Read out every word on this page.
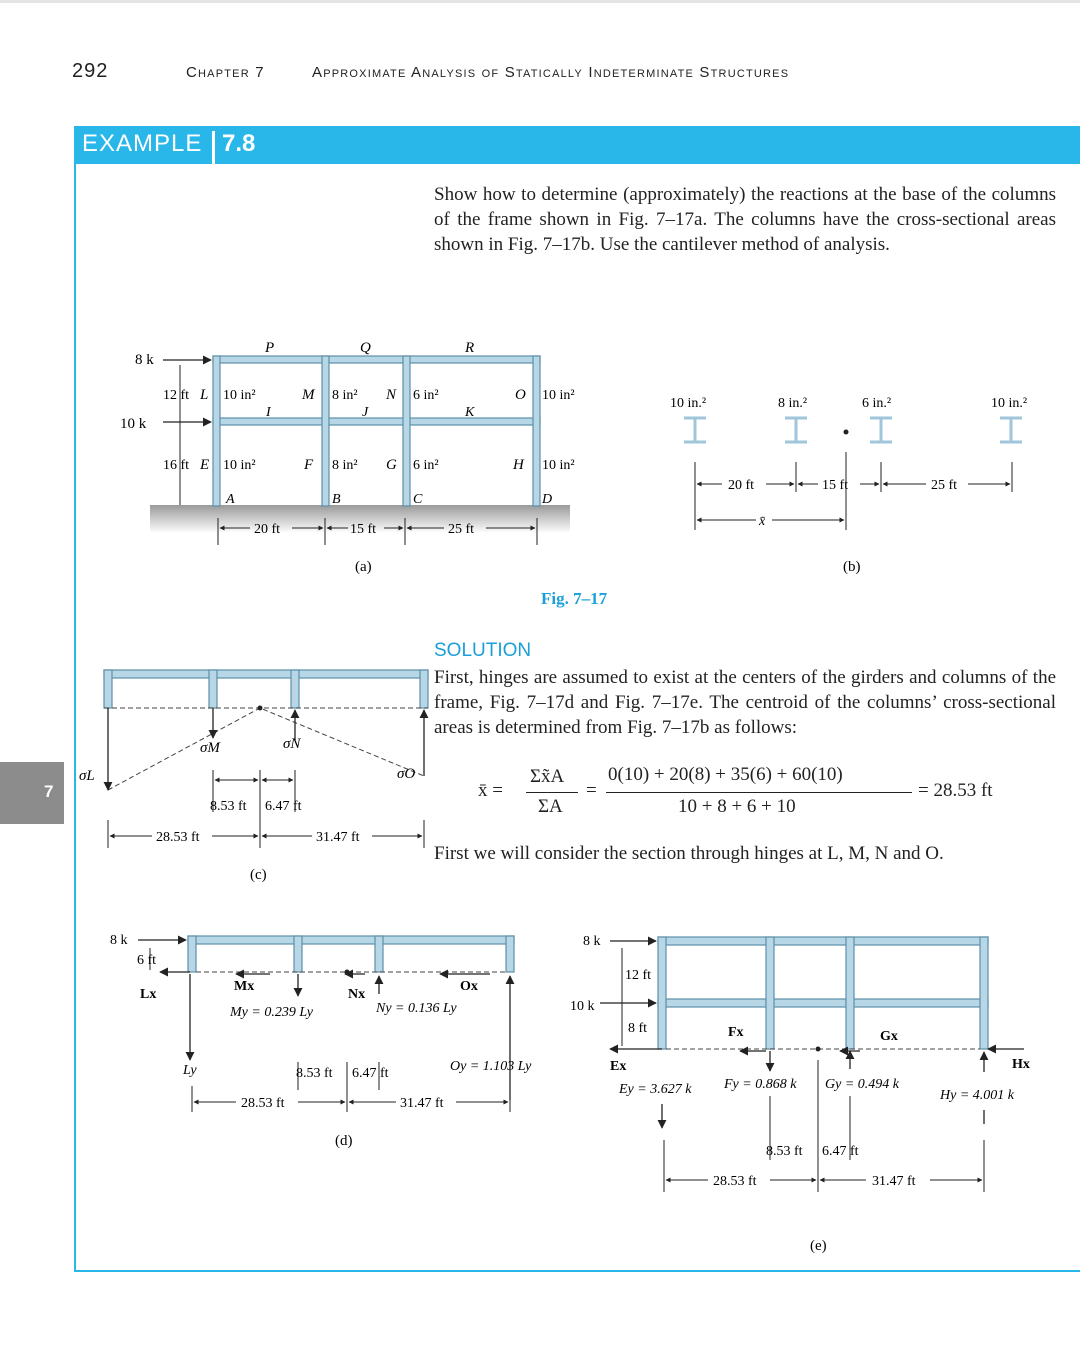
292	Chapter 7	Approximate Analysis of Statically Indeterminate Structures
EXAMPLE 7.8
Show how to determine (approximately) the reactions at the base of the columns of the frame shown in Fig. 7–17a. The columns have the cross-sectional areas shown in Fig. 7–17b. Use the cantilever method of analysis.
7
Fig. 7–17
SOLUTION
First, hinges are assumed to exist at the centers of the girders and columns of the frame, Fig. 7–17d and Fig. 7–17e. The centroid of the columns’ cross-sectional areas is determined from Fig. 7–17b as follows:
First we will consider the section through hinges at L, M, N and O.
x̄ =
Σx̃A
ΣA
=
0(10) + 20(8) + 35(6) + 60(10)
10 + 8 + 6 + 10
= 28.53 ft
8 k
10 k
12 ft
16 ft
P	Q	R
L 10 in²	M 8 in² N 6 in²	O 10 in²
I	J	K
E 10 in²	F 8 in² G 6 in²	H 10 in²
A	B	C	D
20 ft	15 ft	25 ft
(a)
10 in.²	8 in.²	6 in.²	10 in.²
20 ft	15 ft	25 ft
x̄
(b)
σL
σM	σN
σO
8.53 ft 6.47 ft
28.53 ft	31.47 ft
(c)
8 k
6 ft
Lx
Ly
Mx
My = 0.239 Ly
Nx
Ny = 0.136 Ly
Ox
Oy = 1.103 Ly
8.53 ft 6.47 ft
28.53 ft	31.47 ft
(d)
8 k
10 k
12 ft
8 ft
Ex
Ey = 3.627 k
Fx
Fy = 0.868 k
Gx
Gy = 0.494 k
Hx
Hy = 4.001 k
8.53 ft 6.47 ft
28.53 ft	31.47 ft
(e)
